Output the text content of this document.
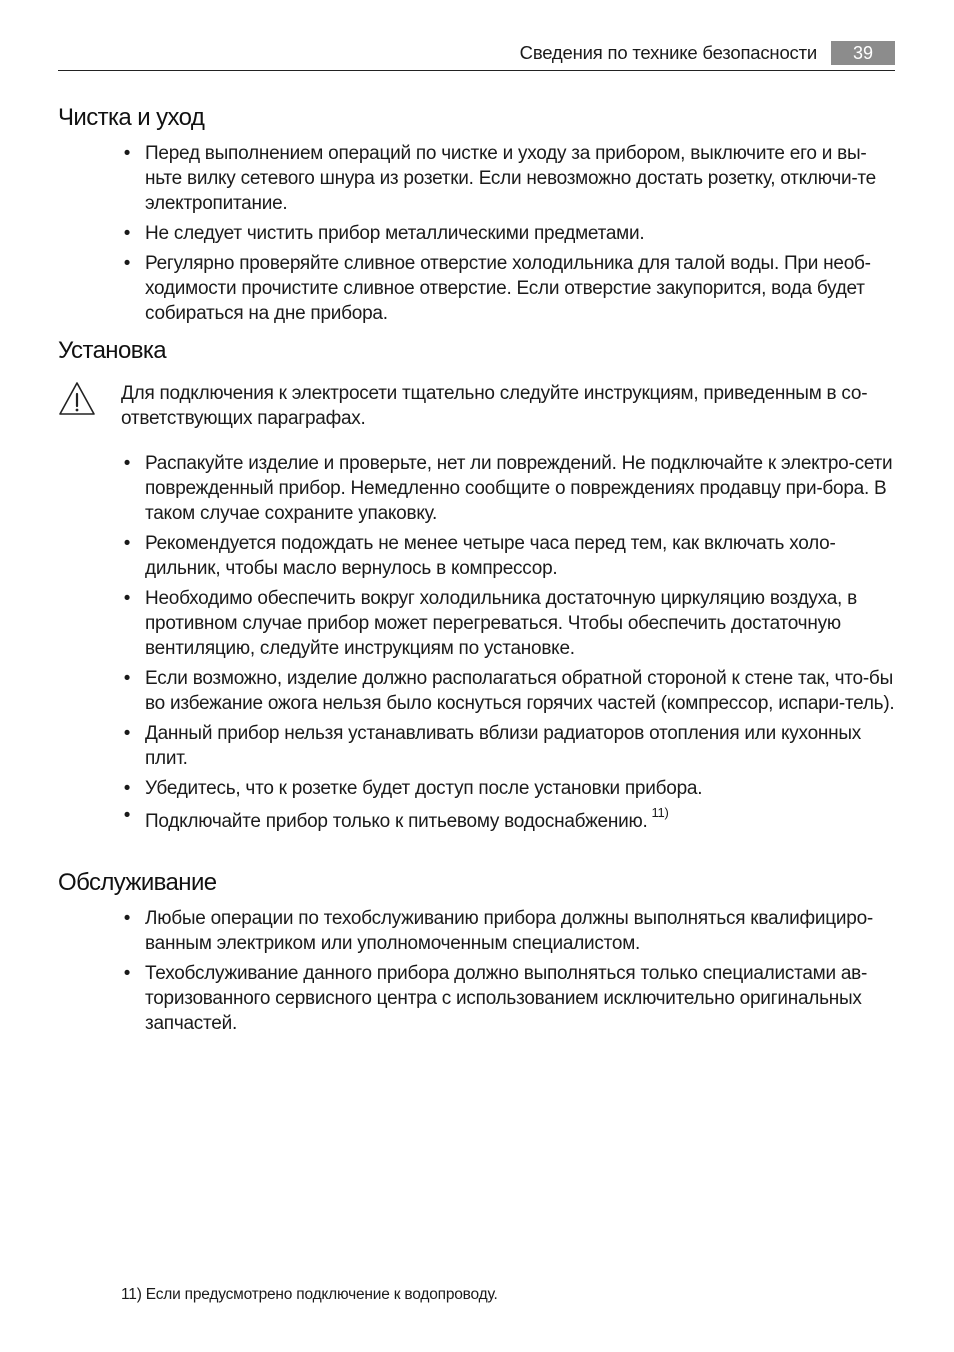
Сведения по технике безопасности	39
Чистка и уход
• Перед выполнением операций по чистке и уходу за прибором, выключите его и вы-ньте вилку сетевого шнура из розетки. Если невозможно достать розетку, отключи-те электропитание.
• Не следует чистить прибор металлическими предметами.
• Регулярно проверяйте сливное отверстие холодильника для талой воды. При необ-ходимости прочистите сливное отверстие. Если отверстие закупорится, вода будет собираться на дне прибора.
Установка

Для подключения к электросети тщательно следуйте инструкциям, приведенным в со-ответствующих параграфах.

• Распакуйте изделие и проверьте, нет ли повреждений. Не подключайте к электро-сети поврежденный прибор. Немедленно сообщите о повреждениях продавцу при-бора. В таком случае сохраните упаковку.
• Рекомендуется подождать не менее четыре часа перед тем, как включать холо-дильник, чтобы масло вернулось в компрессор.
• Необходимо обеспечить вокруг холодильника достаточную циркуляцию воздуха, в противном случае прибор может перегреваться. Чтобы обеспечить достаточную вентиляцию, следуйте инструкциям по установке.
• Если возможно, изделие должно располагаться обратной стороной к стене так, что-бы во избежание ожога нельзя было коснуться горячих частей (компрессор, испари-тель).
• Данный прибор нельзя устанавливать вблизи радиаторов отопления или кухонных плит.
• Убедитесь, что к розетке будет доступ после установки прибора.
• Подключайте прибор только к питьевому водоснабжению. $^{11)}$
Обслуживание
• Любые операции по техобслуживанию прибора должны выполняться квалифициро-ванным электриком или уполномоченным специалистом.
• Техобслуживание данного прибора должно выполняться только специалистами ав-торизованного сервисного центра с использованием исключительно оригинальных запчастей.
11) Если предусмотрено подключение к водопроводу.
